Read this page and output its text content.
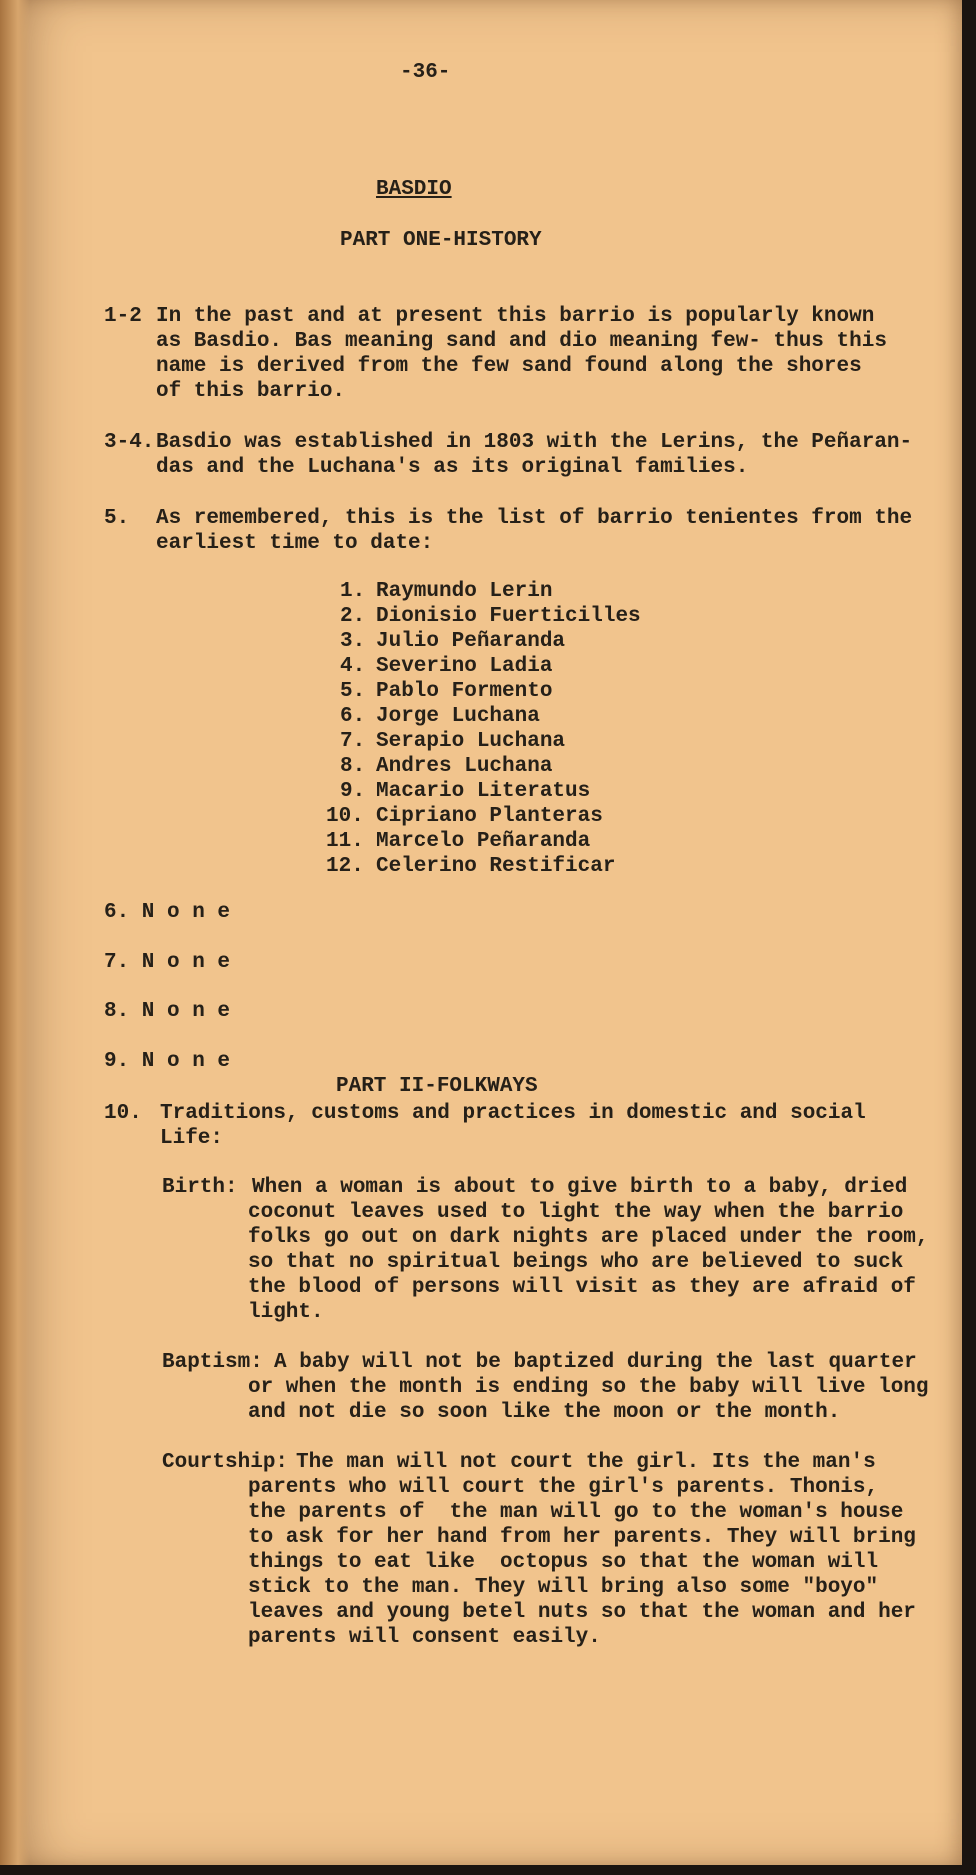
-36-
BASDIO
PART ONE-HISTORY
1-2 In the past and at present this barrio is popularly known
as Basdio. Bas meaning sand and dio meaning few- thus this
name is derived from the few sand found along the shores
of this barrio.
3-4. Basdio was established in 1803 with the Lerins, the Peñaran-
das and the Luchana's as its original families.
5. As remembered, this is the list of barrio tenientes from the
earliest time to date:
1. Raymundo Lerin
2. Dionisio Fuerticilles
3. Julio Peñaranda
4. Severino Ladia
5. Pablo Formento
6. Jorge Luchana
7. Serapio Luchana
8. Andres Luchana
9. Macario Literatus
10. Cipriano Planteras
11. Marcelo Peñaranda
12. Celerino Restificar
6. N o n e
7. N o n e
8. N o n e
9. N o n e
PART II-FOLKWAYS
10. Traditions, customs and practices in domestic and social
Life:
Birth: When a woman is about to give birth to a baby, dried
coconut leaves used to light the way when the barrio
folks go out on dark nights are placed under the room,
so that no spiritual beings who are believed to suck
the blood of persons will visit as they are afraid of
light.
Baptism: A baby will not be baptized during the last quarter
or when the month is ending so the baby will live long
and not die so soon like the moon or the month.
Courtship: The man will not court the girl. Its the man's
parents who will court the girl's parents. Thonis,
the parents of  the man will go to the woman's house
to ask for her hand from her parents. They will bring
things to eat like  octopus so that the woman will
stick to the man. They will bring also some "boyo"
leaves and young betel nuts so that the woman and her
parents will consent easily.
